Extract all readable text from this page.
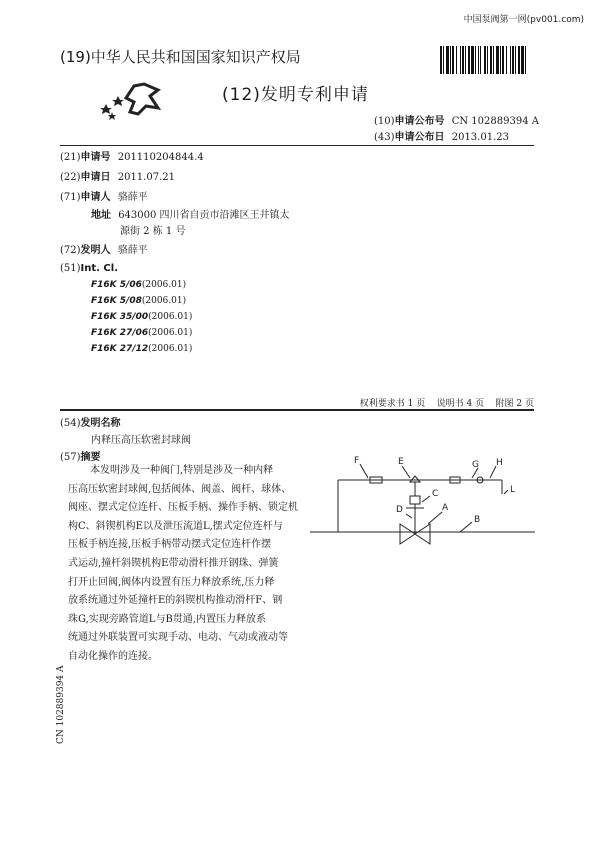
中国泵阀第一网(pv001.com)
(19)中华人民共和国国家知识产权局
(12)发明专利申请
(10)申请公布号 CN 102889394 A
(43)申请公布日 2013.01.23
(21)申请号 201110204844.4
(22)申请日 2011.07.21
(71)申请人 骆薛平
地址 643000 四川省自贡市沿滩区王井镇太
源街 2 栋 1 号
(72)发明人 骆薛平
(51)Int. Cl.
F16K 5/06(2006.01)
F16K 5/08(2006.01)
F16K 35/00(2006.01)
F16K 27/06(2006.01)
F16K 27/12(2006.01)
权利要求书 1 页    说明书 4 页    附图 2 页
(54)发明名称
内释压高压软密封球阀
(57)摘要
本发明涉及一种阀门,特别是涉及一种内释
压高压软密封球阀,包括阀体、阀盖、阀杆、球体、
阀座、摆式定位连杆、压板手柄、操作手柄、锁定机
构C、斜锲机构E以及泄压流道L,摆式定位连杆与
压板手柄连接,压板手柄带动摆式定位连杆作摆
式运动,撞杆斜锲机构E带动滑杆推开钢珠、弹簧
打开止回阀,阀体内设置有压力释放系统,压力释
放系统通过外延撞杆E的斜锲机构推动滑杆F、钢
珠G,实现旁路管道L与B贯通,内置压力释放系
统通过外联装置可实现手动、电动、气动或液动等
自动化操作的连接。
F	E	G H
L
C
D	A
B
CN 102889394 A
